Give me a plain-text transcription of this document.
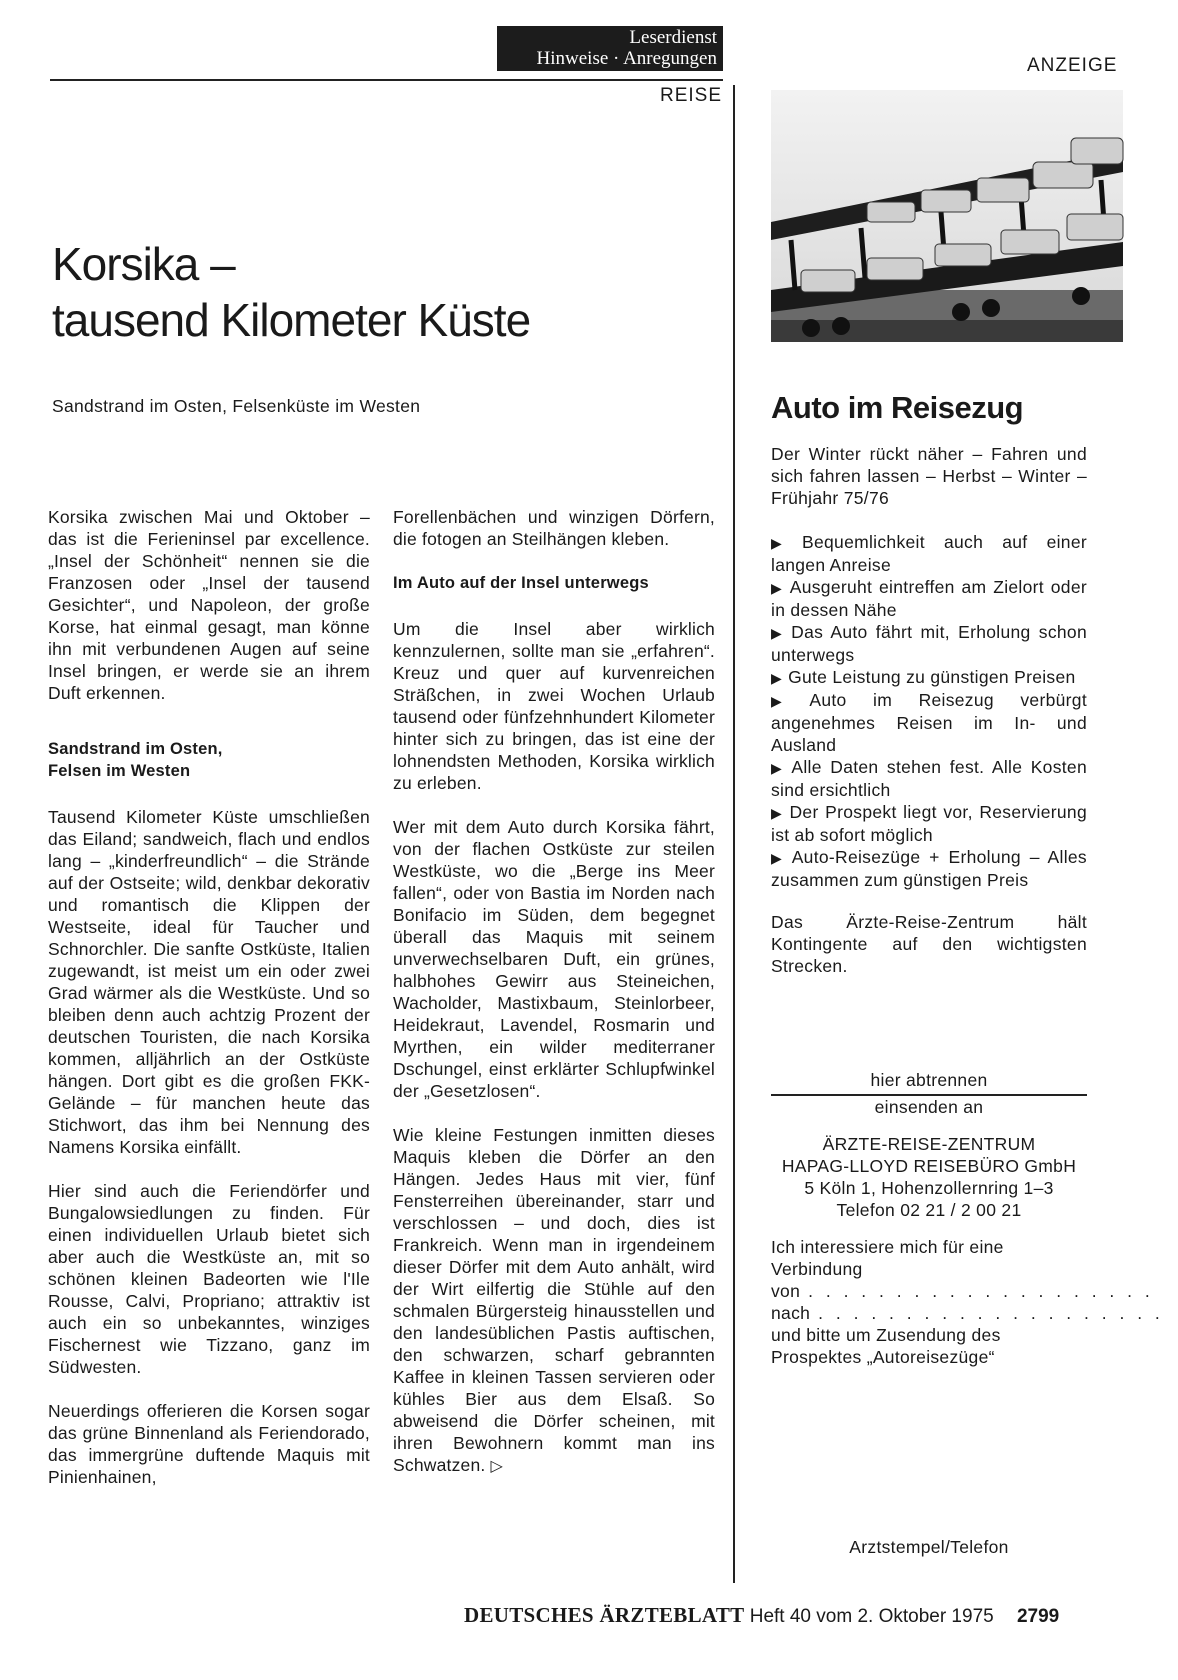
Leserdienst
Hinweise · Anregungen	ANZEIGE
REISE
Korsika –
tausend Kilometer Küste
Sandstrand im Osten, Felsenküste im Westen

Korsika zwischen Mai und Oktober – das ist die Ferieninsel par excellence. „Insel der Schönheit“ nennen sie die Franzosen oder „Insel der tausend Gesichter“, und Napoleon, der große Korse, hat einmal gesagt, man könne ihn mit verbundenen Augen auf seine Insel bringen, er werde sie an ihrem Duft erkennen.

Sandstrand im Osten,
Felsen im Westen

Tausend Kilometer Küste umschließen das Eiland; sandweich, flach und endlos lang – „kinderfreundlich“ – die Strände auf der Ostseite; wild, denkbar dekorativ und romantisch die Klippen der Westseite, ideal für Taucher und Schnorchler. Die sanfte Ostküste, Italien zugewandt, ist meist um ein oder zwei Grad wärmer als die Westküste. Und so bleiben denn auch achtzig Prozent der deutschen Touristen, die nach Korsika kommen, alljährlich an der Ostküste hängen. Dort gibt es die großen FKK-Gelände – für manchen heute das Stichwort, das ihm bei Nennung des Namens Korsika einfällt.

Hier sind auch die Feriendörfer und Bungalowsiedlungen zu finden. Für einen individuellen Urlaub bietet sich aber auch die Westküste an, mit so schönen kleinen Badeorten wie l'Ile Rousse, Calvi, Propriano; attraktiv ist auch ein so unbekanntes, winziges Fischernest wie Tizzano, ganz im Südwesten.

Neuerdings offerieren die Korsen sogar das grüne Binnenland als Feriendorado, das immergrüne duftende Maquis mit Pinienhainen,

Forellenbächen und winzigen Dörfern, die fotogen an Steilhängen kleben.

Im Auto auf der Insel unterwegs

Um die Insel aber wirklich kennzulernen, sollte man sie „erfahren“. Kreuz und quer auf kurvenreichen Sträßchen, in zwei Wochen Urlaub tausend oder fünfzehnhundert Kilometer hinter sich zu bringen, das ist eine der lohnendsten Methoden, Korsika wirklich zu erleben.

Wer mit dem Auto durch Korsika fährt, von der flachen Ostküste zur steilen Westküste, wo die „Berge ins Meer fallen“, oder von Bastia im Norden nach Bonifacio im Süden, dem begegnet überall das Maquis mit seinem unverwechselbaren Duft, ein grünes, halbhohes Gewirr aus Steineichen, Wacholder, Mastixbaum, Steinlorbeer, Heidekraut, Lavendel, Rosmarin und Myrthen, ein wilder mediterraner Dschungel, einst erklärter Schlupfwinkel der „Gesetzlosen“.

Wie kleine Festungen inmitten dieses Maquis kleben die Dörfer an den Hängen. Jedes Haus mit vier, fünf Fensterreihen übereinander, starr und verschlossen – und doch, dies ist Frankreich. Wenn man in irgendeinem dieser Dörfer mit dem Auto anhält, wird der Wirt eilfertig die Stühle auf den schmalen Bürgersteig hinausstellen und den landesüblichen Pastis auftischen, den schwarzen, scharf gebrannten Kaffee in kleinen Tassen servieren oder kühles Bier aus dem Elsaß. So abweisend die Dörfer scheinen, mit ihren Bewohnern kommt man ins Schwatzen. ▷

Auto im Reisezug

Der Winter rückt näher – Fahren und sich fahren lassen – Herbst – Winter – Frühjahr 75/76

▶ Bequemlichkeit auch auf einer langen Anreise

▶ Ausgeruht eintreffen am Zielort oder in dessen Nähe

▶ Das Auto fährt mit, Erholung schon unterwegs

▶ Gute Leistung zu günstigen Preisen

▶ Auto im Reisezug verbürgt angenehmes Reisen im In- und Ausland

▶ Alle Daten stehen fest. Alle Kosten sind ersichtlich

▶ Der Prospekt liegt vor, Reservierung ist ab sofort möglich

▶ Auto-Reisezüge + Erholung – Alles zusammen zum günstigen Preis

Das Ärzte-Reise-Zentrum hält Kontingente auf den wichtigsten Strecken.

hier abtrennen
einsenden an
ÄRZTE-REISE-ZENTRUM
HAPAG-LLOYD REISEBÜRO GmbH
5 Köln 1, Hohenzollernring 1–3
Telefon 02 21 / 2 00 21

Ich interessiere mich für eine Verbindung

von . . . . . . . . . . . . . . . . . . . .
nach . . . . . . . . . . . . . . . . . . . .

und bitte um Zusendung des Prospektes „Autoreisezüge“

Arztstempel/Telefon
DEUTSCHES ÄRZTEBLATT Heft 40 vom 2. Oktober 1975 2799
